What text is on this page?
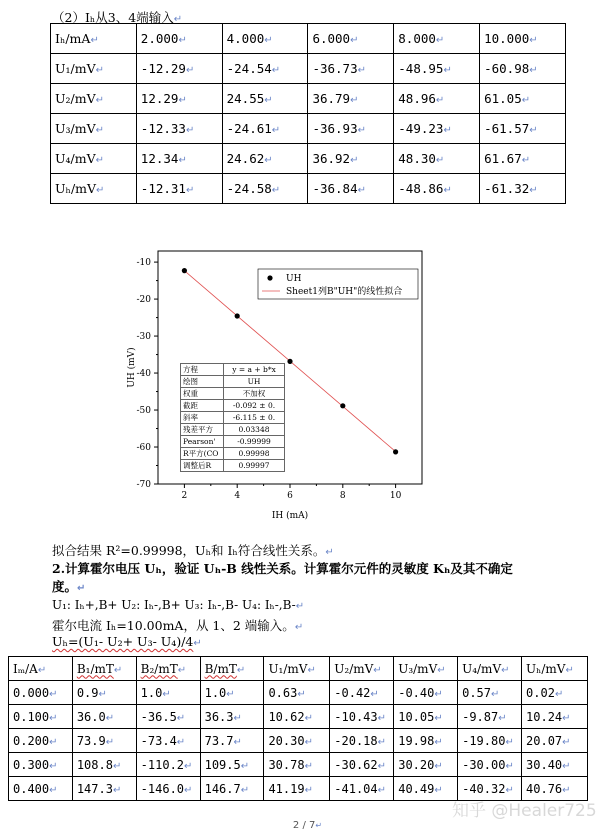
（2）Iₕ从3、4端输入↵
Iₕ/mA↵	2.000↵	4.000↵	6.000↵	8.000↵	10.000↵
U₁/mV↵	-12.29↵	-24.54↵	-36.73↵	-48.95↵	-60.98↵
U₂/mV↵	12.29↵	24.55↵	36.79↵	48.96↵	61.05↵
U₃/mV↵	-12.33↵	-24.61↵	-36.93↵	-49.23↵	-61.57↵
U₄/mV↵	12.34↵	24.62↵	36.92↵	48.30↵	61.67↵
Uₕ/mV↵	-12.31↵	-24.58↵	-36.84↵	-48.86↵	-61.32↵
2	4	6	8	10
-10
-20
-30
-40
-50
-60
-70
IH (mA)
UH (mV)
UH
Sheet1列B"UH"的线性拟合
方程	y = a + b*x
绘图	UH
权重	不加权
截距	-0.092 ± 0.
斜率	-6.115 ± 0.
残差平方	0.03348
Pearson'	-0.99999
R平方(CO	0.99998
调整后R	0.99997
拟合结果 R²=0.99998，Uₕ和 Iₕ符合线性关系。↵
2.计算霍尔电压 Uₕ，验证 Uₕ-B 线性关系。计算霍尔元件的灵敏度 Kₕ及其不确定
度。↵
U₁: Iₕ+,B+ U₂: Iₕ-,B+ U₃: Iₕ-,B- U₄: Iₕ-,B-↵
霍尔电流 Iₕ=10.00mA，从 1、2 端输入。↵
Uₕ=(U₁- U₂+ U₃- U₄)/4↵
Iₘ/A↵	B₁/mT↵	B₂/mT↵	B/mT↵	U₁/mV↵	U₂/mV↵	U₃/mV↵	U₄/mV↵	Uₕ/mV↵
0.000↵	0.9↵	1.0↵	1.0↵	0.63↵	-0.42↵	-0.40↵	0.57↵	0.02↵
0.100↵	36.0↵	-36.5↵	36.3↵	10.62↵	-10.43↵	10.05↵	-9.87↵	10.24↵
0.200↵	73.9↵	-73.4↵	73.7↵	20.30↵	-20.18↵	19.98↵	-19.80↵	20.07↵
0.300↵	108.8↵	-110.2↵	109.5↵	30.78↵	-30.62↵	30.20↵	-30.00↵	30.40↵
0.400↵	147.3↵	-146.0↵	146.7↵	41.19↵	-41.04↵	40.49↵	-40.32↵	40.76↵
知乎 @Healer725
2 / 7↵
